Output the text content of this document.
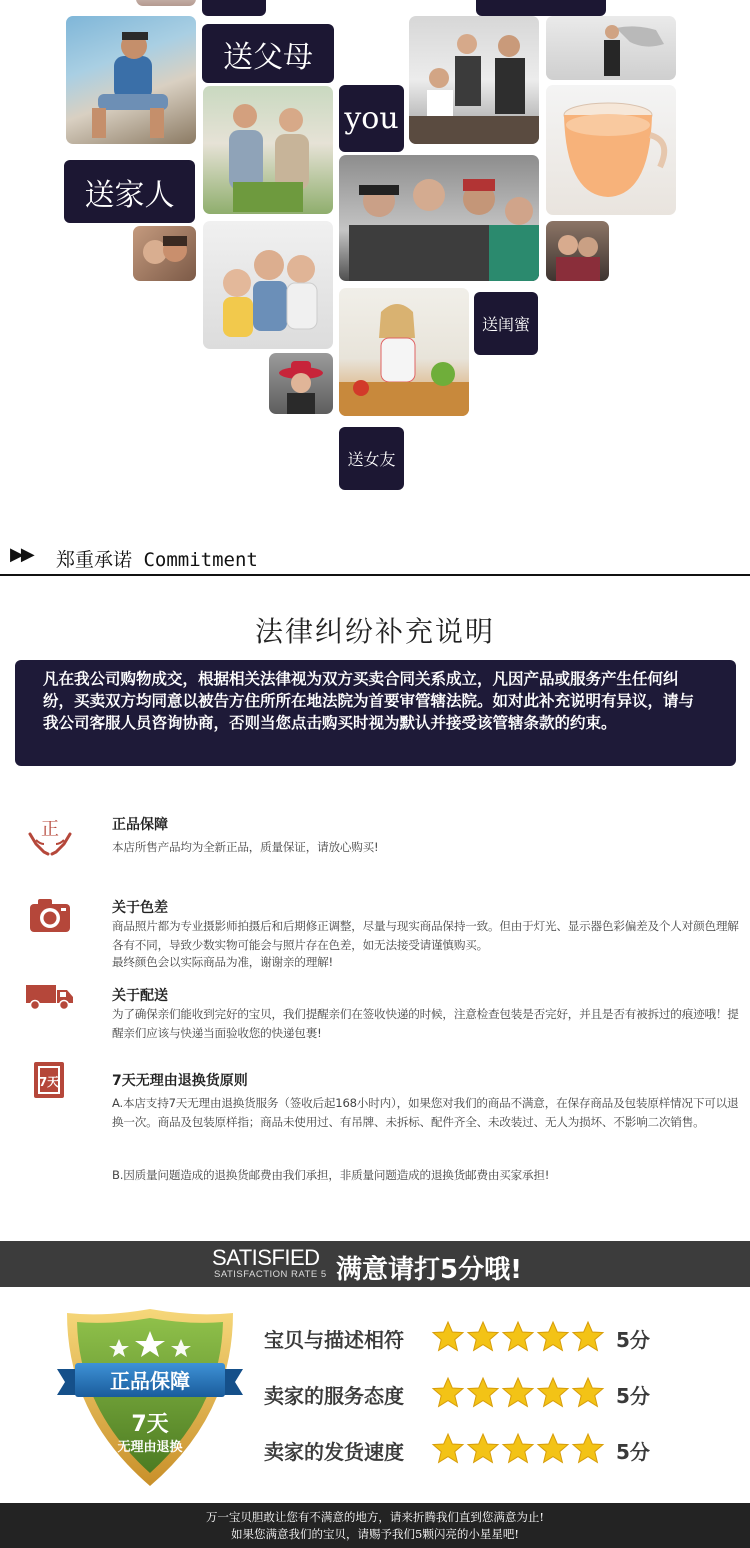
送父母
you
送家人
送闺蜜
送女友
▶▶ 郑重承诺 Commitment
法律纠纷补充说明
凡在我公司购物成交，根据相关法律视为双方买卖合同关系成立，凡因产品或服务产生任何纠纷，买卖双方均同意以被告方住所所在地法院为首要审管辖法院。如对此补充说明有异议，请与我公司客服人员咨询协商，否则当您点击购买时视为默认并接受该管辖条款的约束。
正	正品保障
本店所售产品均为全新正品，质量保证，请放心购买!
关于色差
商品照片都为专业摄影师拍摄后和后期修正调整，尽量与现实商品保持一致。但由于灯光、显示器色彩偏差及个人对颜色理解各有不同，导致少数实物可能会与照片存在色差，如无法接受请谨慎购买。
最终颜色会以实际商品为准，谢谢亲的理解!
关于配送
为了确保亲们能收到完好的宝贝，我们提醒亲们在签收快递的时候，注意检查包装是否完好，并且是否有被拆过的痕迹哦！提醒亲们应该与快递当面验收您的快递包裹!
7天	7天无理由退换货原则
A.本店支持7天无理由退换货服务（签收后起168小时内），如果您对我们的商品不满意，在保存商品及包装原样情况下可以退换一次。商品及包装原样指；商品未使用过、有吊牌、未拆标、配件齐全、未改装过、无人为损坏、不影响二次销售。
B.因质量问题造成的退换货邮费由我们承担，非质量问题造成的退换货邮费由买家承担!
SATISFIED
SATISFACTION RATE 5 满意请打5分哦!
正品保障
7天
无理由退换
宝贝与描述相符	5分
卖家的服务态度	5分
卖家的发货速度	5分
万一宝贝胆敢让您有不满意的地方，请来折腾我们直到您满意为止!
如果您满意我们的宝贝，请赐予我们5颗闪亮的小星星吧!
